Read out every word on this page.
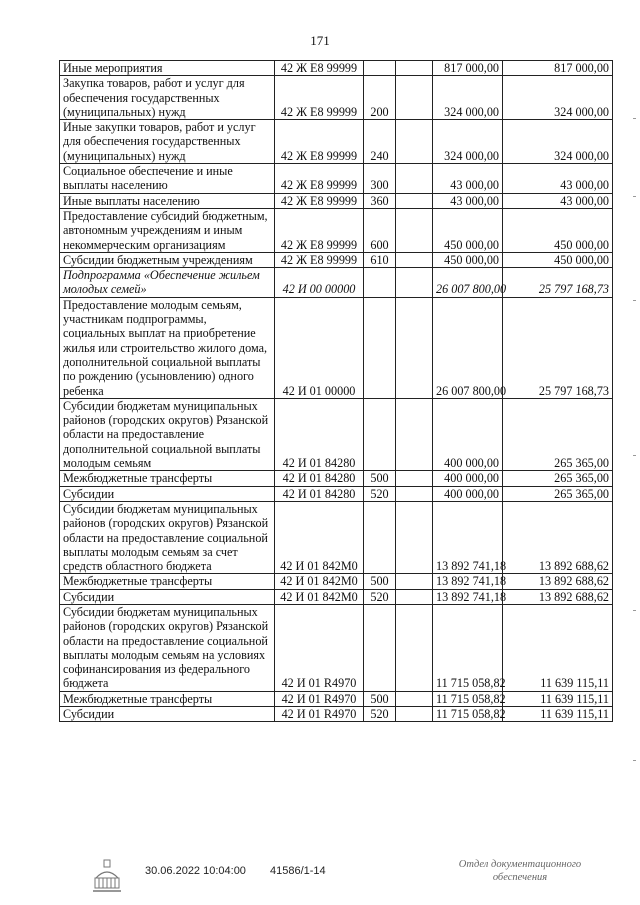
171
Иные мероприятия	42 Ж Е8 99999			817 000,00	817 000,00
Закупка товаров, работ и услуг для обеспечения государственных (муниципальных) нужд	42 Ж Е8 99999	200		324 000,00	324 000,00
Иные закупки товаров, работ и услуг для обеспечения государственных (муниципальных) нужд	42 Ж Е8 99999	240		324 000,00	324 000,00
Социальное обеспечение и иные выплаты населению	42 Ж Е8 99999	300		43 000,00	43 000,00
Иные выплаты населению	42 Ж Е8 99999	360		43 000,00	43 000,00
Предоставление субсидий бюджетным, автономным учреждениям и иным некоммерческим организациям	42 Ж Е8 99999	600		450 000,00	450 000,00
Субсидии бюджетным учреждениям	42 Ж Е8 99999	610		450 000,00	450 000,00
Подпрограмма «Обеспечение жильем молодых семей»	42 И 00 00000			26 007 800,00	25 797 168,73
Предоставление молодым семьям, участникам подпрограммы, социальных выплат на приобретение жилья или строительство жилого дома, дополнительной социальной выплаты по рождению (усыновлению) одного ребенка	42 И 01 00000			26 007 800,00	25 797 168,73
Субсидии бюджетам муниципальных районов (городских округов) Рязанской области на предоставление дополнительной социальной выплаты молодым семьям	42 И 01 84280			400 000,00	265 365,00
Межбюджетные трансферты	42 И 01 84280	500		400 000,00	265 365,00
Субсидии	42 И 01 84280	520		400 000,00	265 365,00
Субсидии бюджетам муниципальных районов (городских округов) Рязанской области на предоставление социальной выплаты молодым семьям за счет средств областного бюджета	42 И 01 842М0			13 892 741,18	13 892 688,62
Межбюджетные трансферты	42 И 01 842М0	500		13 892 741,18	13 892 688,62
Субсидии	42 И 01 842М0	520		13 892 741,18	13 892 688,62
Субсидии бюджетам муниципальных районов (городских округов) Рязанской области на предоставление социальной выплаты молодым семьям на условиях софинансирования из федерального бюджета	42 И 01 R4970			11 715 058,82	11 639 115,11
Межбюджетные трансферты	42 И 01 R4970	500		11 715 058,82	11 639 115,11
Субсидии	42 И 01 R4970	520		11 715 058,82	11 639 115,11
30.06.2022 10:04:00 41586/1-14
Отдел документационного
обеспечения
